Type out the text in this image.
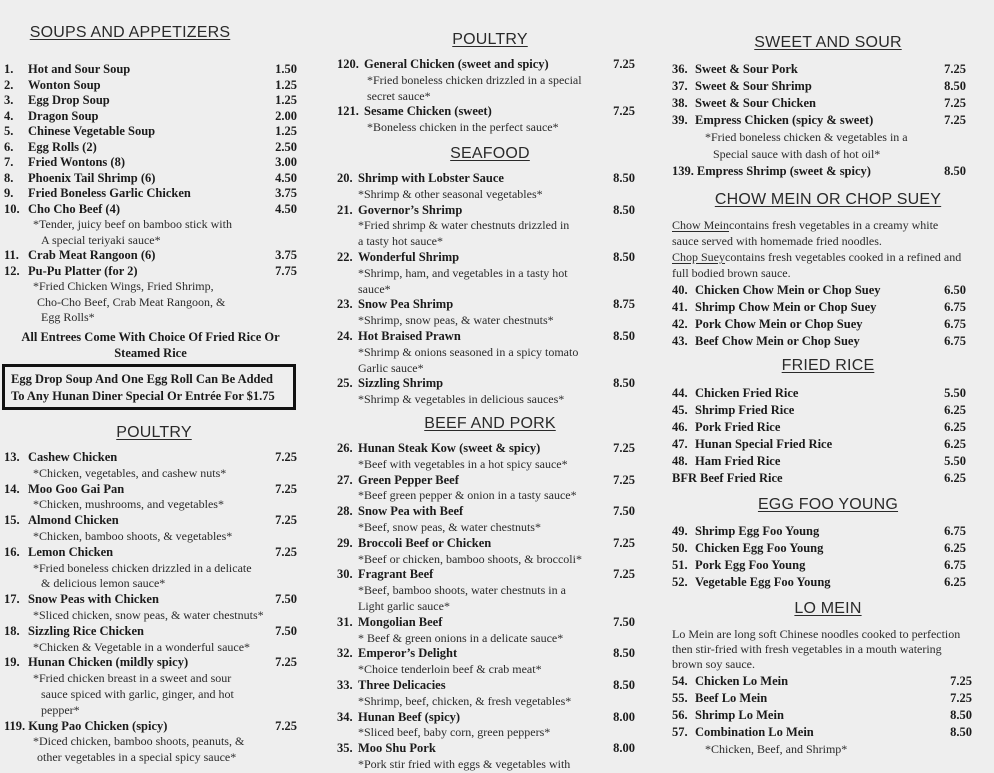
SOUPS AND APPETIZERS
1.	Hot and Sour Soup	1.50
2.	Wonton Soup	1.25
3.	Egg Drop Soup	1.25
4.	Dragon Soup	2.00
5.	Chinese Vegetable Soup	1.25
6.	Egg Rolls (2)	2.50
7.	Fried Wontons (8)	3.00
8.	Phoenix Tail Shrimp (6)	4.50
9.	Fried Boneless Garlic Chicken	3.75
10. Cho Cho Beef (4)	4.50
*Tender, juicy beef on bamboo stick with
A special teriyaki sauce*
11. Crab Meat Rangoon (6)	3.75
12. Pu-Pu Platter (for 2)	7.75
*Fried Chicken Wings, Fried Shrimp,
Cho-Cho Beef, Crab Meat Rangoon, &
Egg Rolls*
All Entrees Come With Choice Of Fried Rice Or
Steamed Rice
Egg Drop Soup And One Egg Roll Can Be Added
To Any Hunan Diner Special Or Entrée For $1.75
POULTRY
13. Cashew Chicken	7.25
*Chicken, vegetables, and cashew nuts*
14. Moo Goo Gai Pan	7.25
*Chicken, mushrooms, and vegetables*
15. Almond Chicken	7.25
*Chicken, bamboo shoots, & vegetables*
16. Lemon Chicken	7.25
*Fried boneless chicken drizzled in a delicate
& delicious lemon sauce*
17. Snow Peas with Chicken	7.50
*Sliced chicken, snow peas, & water chestnuts*
18. Sizzling Rice Chicken	7.50
*Chicken & Vegetable in a wonderful sauce*
19. Hunan Chicken (mildly spicy)	7.25
*Fried chicken breast in a sweet and sour
sauce spiced with garlic, ginger, and hot
pepper*
119. Kung Pao Chicken (spicy)	7.25
*Diced chicken, bamboo shoots, peanuts, &
other vegetables in a special spicy sauce*
POULTRY
120. General Chicken (sweet and spicy)	7.25
*Fried boneless chicken drizzled in a special
secret sauce*
121. Sesame Chicken (sweet)	7.25
*Boneless chicken in the perfect sauce*
SEAFOOD
20. Shrimp with Lobster Sauce	8.50
*Shrimp & other seasonal vegetables*
21. Governor’s Shrimp	8.50
*Fried shrimp & water chestnuts drizzled in
a tasty hot sauce*
22. Wonderful Shrimp	8.50
*Shrimp, ham, and vegetables in a tasty hot
sauce*
23. Snow Pea Shrimp	8.75
*Shrimp, snow peas, & water chestnuts*
24. Hot Braised Prawn	8.50
*Shrimp & onions seasoned in a spicy tomato
Garlic sauce*
25. Sizzling Shrimp	8.50
*Shrimp & vegetables in delicious sauces*
BEEF AND PORK
26. Hunan Steak Kow (sweet & spicy)	7.25
*Beef with vegetables in a hot spicy sauce*
27. Green Pepper Beef	7.25
*Beef green pepper & onion in a tasty sauce*
28. Snow Pea with Beef	7.50
*Beef, snow peas, & water chestnuts*
29. Broccoli Beef or Chicken	7.25
*Beef or chicken, bamboo shoots, & broccoli*
30. Fragrant Beef	7.25
*Beef, bamboo shoots, water chestnuts in a
Light garlic sauce*
31. Mongolian Beef	7.50
* Beef & green onions in a delicate sauce*
32. Emperor’s Delight	8.50
*Choice tenderloin beef & crab meat*
33. Three Delicacies	8.50
*Shrimp, beef, chicken, & fresh vegetables*
34. Hunan Beef (spicy)	8.00
*Sliced beef, baby corn, green peppers*
35. Moo Shu Pork	8.00
*Pork stir fried with eggs & vegetables with
SWEET AND SOUR
36. Sweet & Sour Pork	7.25
37. Sweet & Sour Shrimp	8.50
38. Sweet & Sour Chicken	7.25
39. Empress Chicken (spicy & sweet)	7.25
*Fried boneless chicken & vegetables in a
Special sauce with dash of hot oil*
139. Empress Shrimp (sweet & spicy)	8.50
CHOW MEIN OR CHOP SUEY
Chow Meincontains fresh vegetables in a creamy white
sauce served with homemade fried noodles.
Chop Sueycontains fresh vegetables cooked in a refined and
full bodied brown sauce.
40. Chicken Chow Mein or Chop Suey	6.50
41. Shrimp Chow Mein or Chop Suey	6.75
42. Pork Chow Mein or Chop Suey	6.75
43. Beef Chow Mein or Chop Suey	6.75
FRIED RICE
44. Chicken Fried Rice	5.50
45. Shrimp Fried Rice	6.25
46. Pork Fried Rice	6.25
47. Hunan Special Fried Rice	6.25
48. Ham Fried Rice	5.50
BFR Beef Fried Rice	6.25
EGG FOO YOUNG
49. Shrimp Egg Foo Young	6.75
50. Chicken Egg Foo Young	6.25
51. Pork Egg Foo Young	6.75
52. Vegetable Egg Foo Young	6.25
LO MEIN
Lo Mein are long soft Chinese noodles cooked to perfection
then stir-fried with fresh vegetables in a mouth watering
brown soy sauce.
54. Chicken Lo Mein	7.25
55. Beef Lo Mein	7.25
56. Shrimp Lo Mein	8.50
57. Combination Lo Mein	8.50
*Chicken, Beef, and Shrimp*
